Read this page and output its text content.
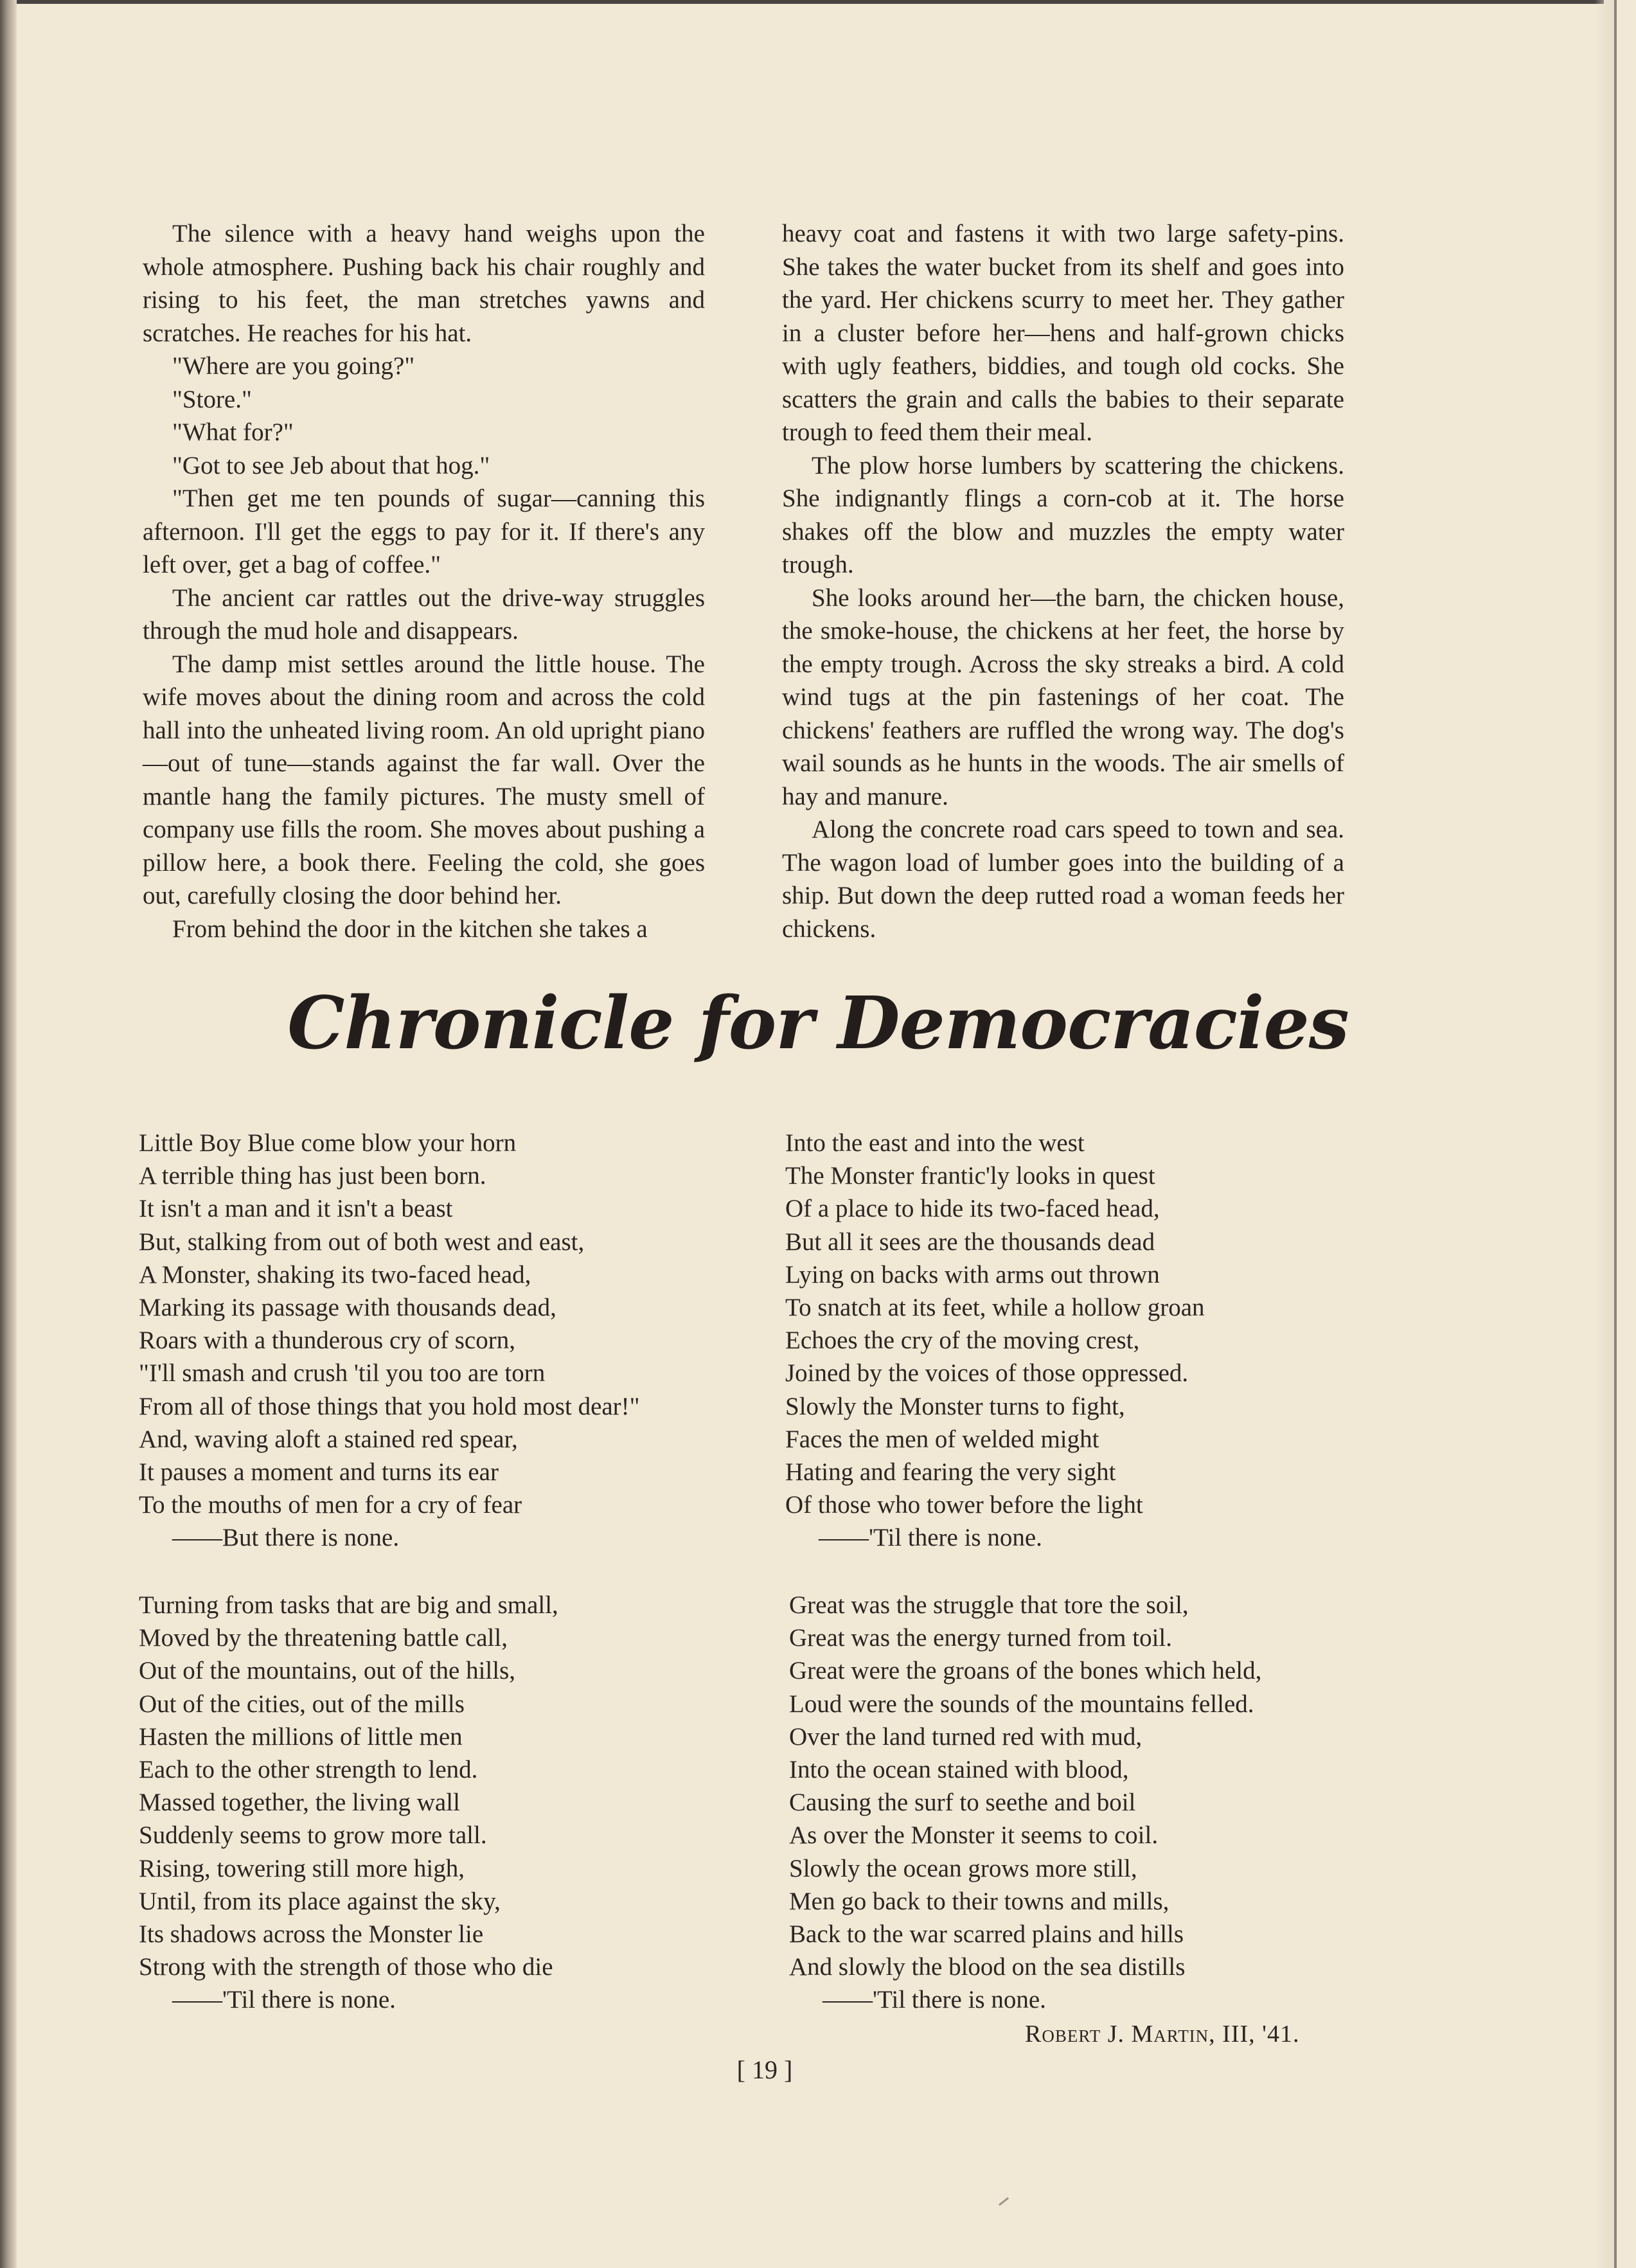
The silence with a heavy hand weighs upon the whole atmosphere. Pushing back his chair roughly and rising to his feet, the man stretches yawns and scratches. He reaches for his hat.

"Where are you going?"

"Store."

"What for?"

"Got to see Jeb about that hog."

"Then get me ten pounds of sugar—canning this afternoon. I'll get the eggs to pay for it. If there's any left over, get a bag of coffee."

The ancient car rattles out the drive-way struggles through the mud hole and disappears.

The damp mist settles around the little house. The wife moves about the dining room and across the cold hall into the unheated living room. An old upright piano—out of tune—stands against the far wall. Over the mantle hang the family pictures. The musty smell of company use fills the room. She moves about pushing a pillow here, a book there. Feeling the cold, she goes out, carefully closing the door behind her.

From behind the door in the kitchen she takes a

heavy coat and fastens it with two large safety-pins. She takes the water bucket from its shelf and goes into the yard. Her chickens scurry to meet her. They gather in a cluster before her—hens and half-grown chicks with ugly feathers, biddies, and tough old cocks. She scatters the grain and calls the babies to their separate trough to feed them their meal.

The plow horse lumbers by scattering the chickens. She indignantly flings a corn-cob at it. The horse shakes off the blow and muzzles the empty water trough.

She looks around her—the barn, the chicken house, the smoke-house, the chickens at her feet, the horse by the empty trough. Across the sky streaks a bird. A cold wind tugs at the pin fastenings of her coat. The chickens' feathers are ruffled the wrong way. The dog's wail sounds as he hunts in the woods. The air smells of hay and manure.

Along the concrete road cars speed to town and sea. The wagon load of lumber goes into the building of a ship. But down the deep rutted road a woman feeds her chickens.

Chronicle for Democracies
Little Boy Blue come blow your horn
A terrible thing has just been born.
It isn't a man and it isn't a beast
But, stalking from out of both west and east,
A Monster, shaking its two-faced head,
Marking its passage with thousands dead,
Roars with a thunderous cry of scorn,
"I'll smash and crush 'til you too are torn
From all of those things that you hold most dear!"
And, waving aloft a stained red spear,
It pauses a moment and turns its ear
To the mouths of men for a cry of fear
——But there is none.
Into the east and into the west
The Monster frantic'ly looks in quest
Of a place to hide its two-faced head,
But all it sees are the thousands dead
Lying on backs with arms out thrown
To snatch at its feet, while a hollow groan
Echoes the cry of the moving crest,
Joined by the voices of those oppressed.
Slowly the Monster turns to fight,
Faces the men of welded might
Hating and fearing the very sight
Of those who tower before the light
——'Til there is none.
Turning from tasks that are big and small,
Moved by the threatening battle call,
Out of the mountains, out of the hills,
Out of the cities, out of the mills
Hasten the millions of little men
Each to the other strength to lend.
Massed together, the living wall
Suddenly seems to grow more tall.
Rising, towering still more high,
Until, from its place against the sky,
Its shadows across the Monster lie
Strong with the strength of those who die
——'Til there is none.
Great was the struggle that tore the soil,
Great was the energy turned from toil.
Great were the groans of the bones which held,
Loud were the sounds of the mountains felled.
Over the land turned red with mud,
Into the ocean stained with blood,
Causing the surf to seethe and boil
As over the Monster it seems to coil.
Slowly the ocean grows more still,
Men go back to their towns and mills,
Back to the war scarred plains and hills
And slowly the blood on the sea distills
——'Til there is none.
Robert J. Martin, III, '41.
[ 19 ]
